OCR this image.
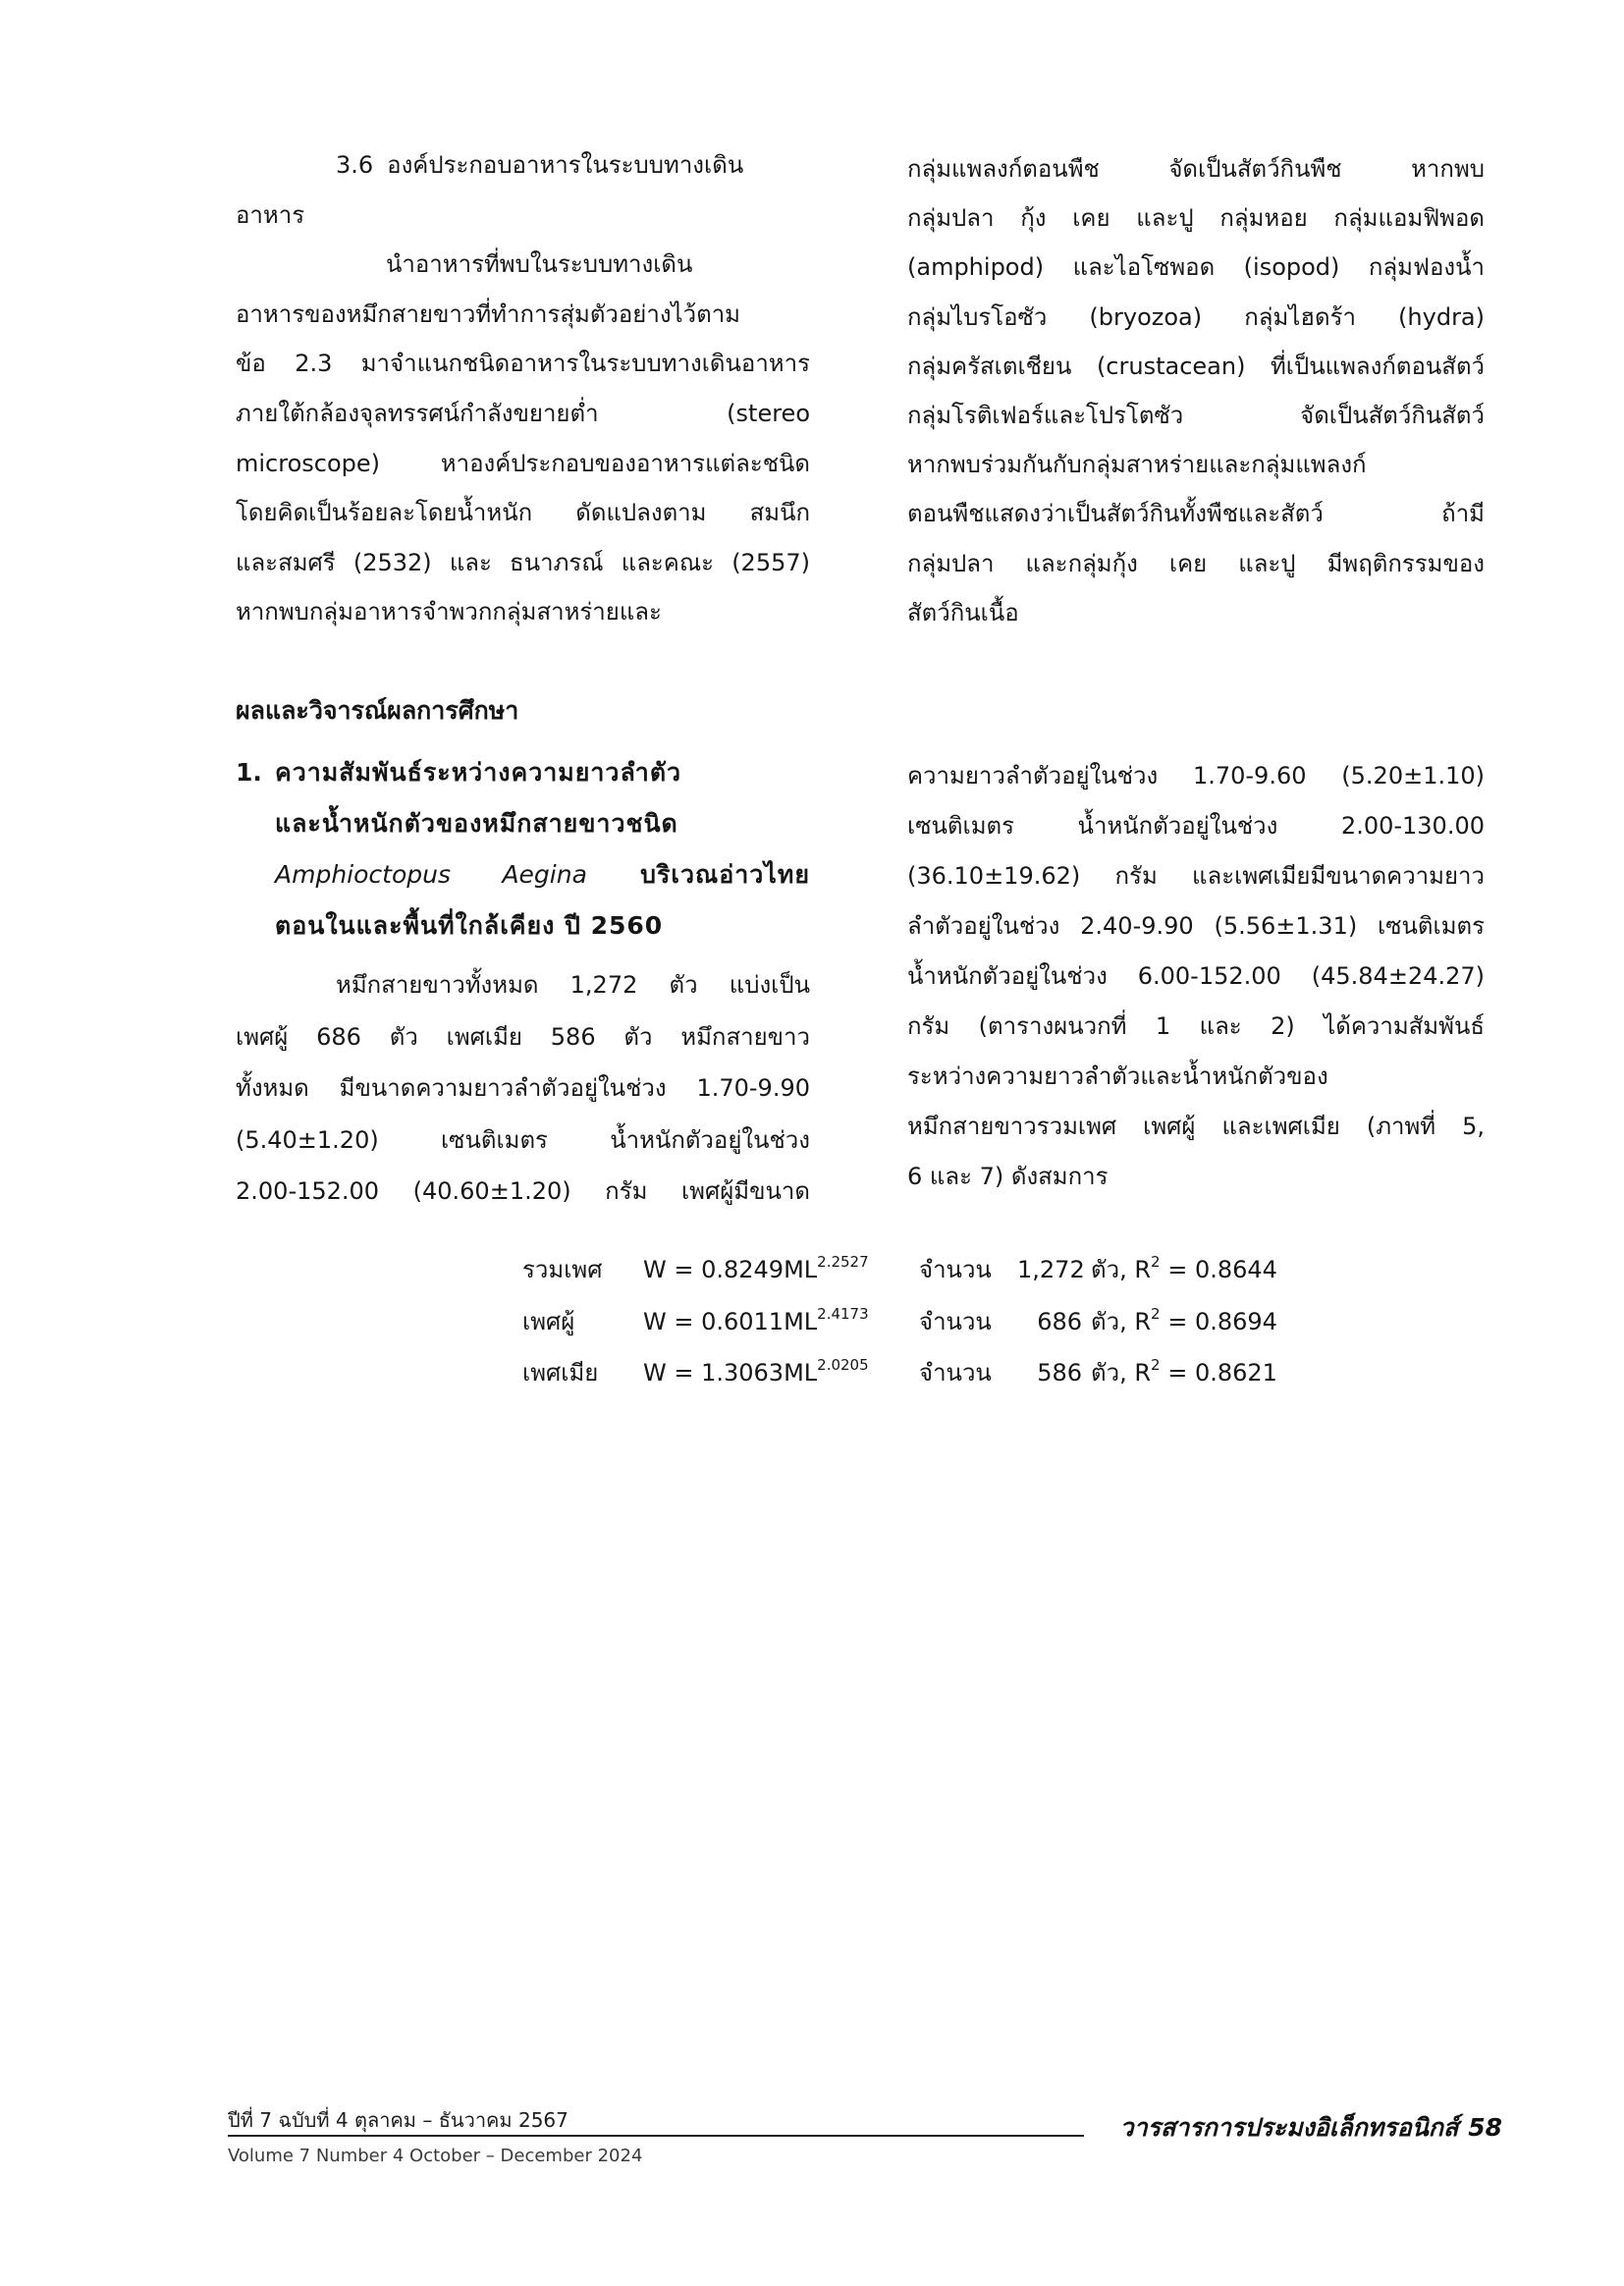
3.6 องค์ประกอบอาหารในระบบทางเดิน
อาหาร
นำอาหารที่พบในระบบทางเดิน
อาหารของหมึกสายขาวที่ทำการสุ่มตัวอย่างไว้ตาม
ข้อ 2.3 มาจำแนกชนิดอาหารในระบบทางเดินอาหาร
ภายใต้กล้องจุลทรรศน์กำลังขยายต่ำ (stereo
microscope) หาองค์ประกอบของอาหารแต่ละชนิด
โดยคิดเป็นร้อยละโดยน้ำหนัก ดัดแปลงตาม สมนึก
และสมศรี (2532) และ ธนาภรณ์ และคณะ (2557)
หากพบกลุ่มอาหารจำพวกกลุ่มสาหร่ายและ
กลุ่มแพลงก์ตอนพืช จัดเป็นสัตว์กินพืช หากพบ
กลุ่มปลา กุ้ง เคย และปู กลุ่มหอย กลุ่มแอมฟิพอด
(amphipod) และไอโซพอด (isopod) กลุ่มฟองน้ำ
กลุ่มไบรโอซัว (bryozoa) กลุ่มไฮดร้า (hydra)
กลุ่มครัสเตเชียน (crustacean) ที่เป็นแพลงก์ตอนสัตว์
กลุ่มโรติเฟอร์และโปรโตซัว จัดเป็นสัตว์กินสัตว์
หากพบร่วมกันกับกลุ่มสาหร่ายและกลุ่มแพลงก์
ตอนพืชแสดงว่าเป็นสัตว์กินทั้งพืชและสัตว์ ถ้ามี
กลุ่มปลา และกลุ่มกุ้ง เคย และปู มีพฤติกรรมของ
สัตว์กินเนื้อ
ผลและวิจารณ์ผลการศึกษา
1. ความสัมพันธ์ระหว่างความยาวลำตัว
และน้ำหนักตัวของหมึกสายขาวชนิด
Amphioctopus Aegina บริเวณอ่าวไทย
ตอนในและพื้นที่ใกล้เคียง ปี 2560
หมึกสายขาวทั้งหมด 1,272 ตัว แบ่งเป็น
เพศผู้ 686 ตัว เพศเมีย 586 ตัว หมึกสายขาว
ทั้งหมด มีขนาดความยาวลำตัวอยู่ในช่วง 1.70-9.90
(5.40±1.20) เซนติเมตร น้ำหนักตัวอยู่ในช่วง
2.00-152.00 (40.60±1.20) กรัม เพศผู้มีขนาด
ความยาวลำตัวอยู่ในช่วง 1.70-9.60 (5.20±1.10)
เซนติเมตร น้ำหนักตัวอยู่ในช่วง 2.00-130.00
(36.10±19.62) กรัม และเพศเมียมีขนาดความยาว
ลำตัวอยู่ในช่วง 2.40-9.90 (5.56±1.31) เซนติเมตร
น้ำหนักตัวอยู่ในช่วง 6.00-152.00 (45.84±24.27)
กรัม (ตารางผนวกที่ 1 และ 2) ได้ความสัมพันธ์
ระหว่างความยาวลำตัวและน้ำหนักตัวของ
หมึกสายขาวรวมเพศ เพศผู้ และเพศเมีย (ภาพที่ 5,
6 และ 7) ดังสมการ
รวมเพศ	$W = 0.8249ML^{2.2527}$	จำนวน	1,272 ตัว, $R^2 = 0.8644$
เพศผู้	$W = 0.6011ML^{2.4173}$	จำนวน	686 ตัว, $R^2 = 0.8694$
เพศเมีย	$W = 1.3063ML^{2.0205}$	จำนวน	586 ตัว, $R^2 = 0.8621$
ปีที่ 7 ฉบับที่ 4 ตุลาคม – ธันวาคม 2567	วารสารการประมงอิเล็กทรอนิกส์ 58
Volume 7 Number 4 October – December 2024
